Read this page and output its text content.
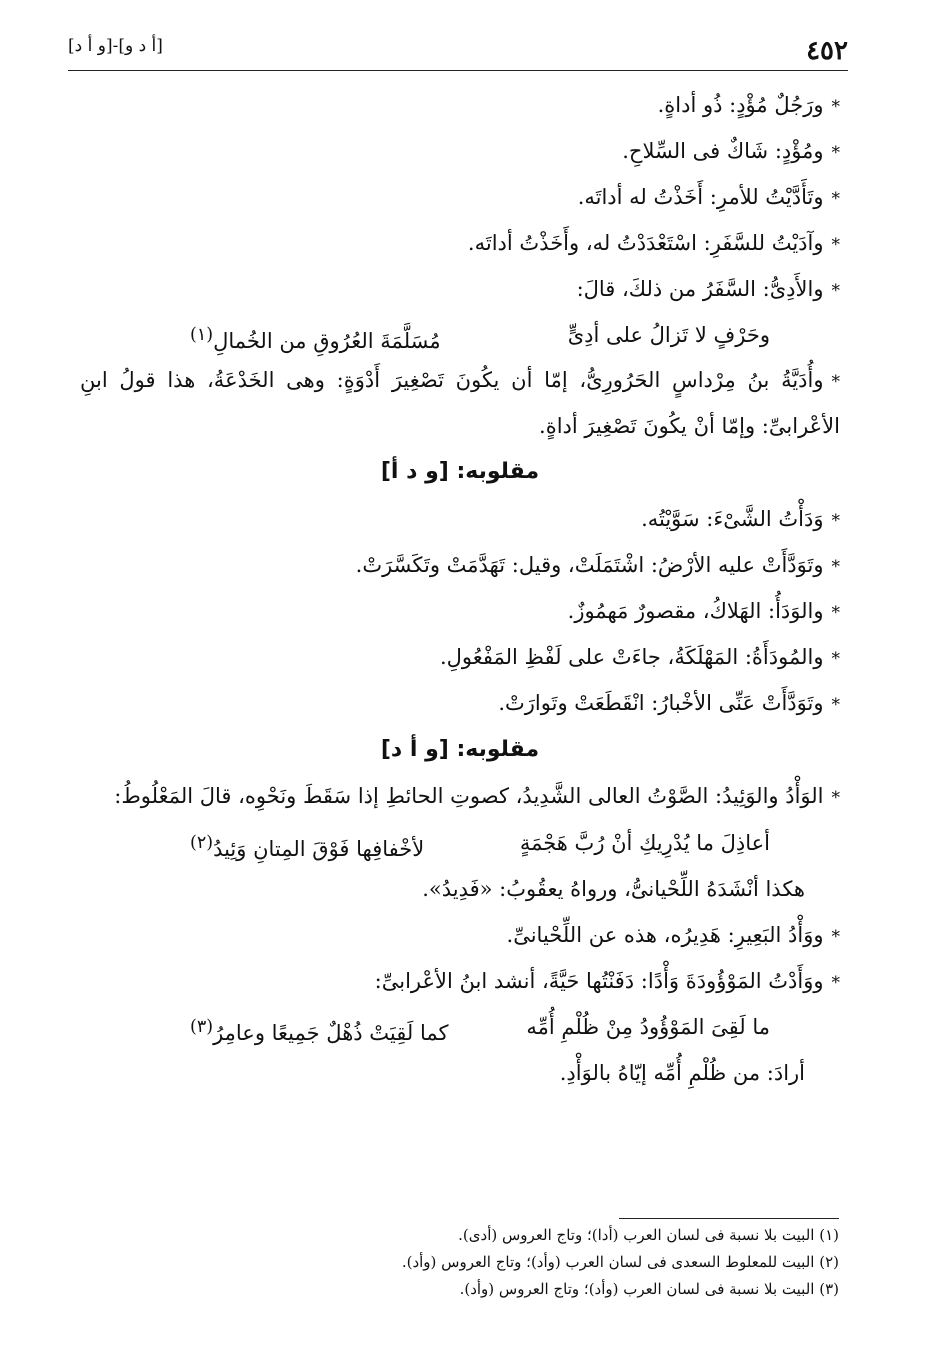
٤٥٢
[أ د و]-[و أ د]
*ورَجُلٌ مُؤْدٍ: ذُو أداةٍ.
*ومُؤْدٍ: شَاكٌ فى السِّلاحِ.
*وتَأَدَّيْتُ للأمرِ: أَخَذْتُ له أداتَه.
*وآدَيْتُ للسَّفَرِ: اسْتَعْدَدْتُ له، وأَخَذْتُ أداتَه.
*والأَدِىُّ: السَّفَرُ من ذلكَ، قالَ:
وحَرْفٍ لا تَزالُ على أدِىٍّ
مُسَلَّمَةَ العُرُوقِ من الخُمالِ$^{(١)}$
*وأُدَيَّةُ بنُ مِرْداسٍ الحَرُورِىُّ، إمّا أن يكُونَ تَصْغِيرَ أَدْوَةٍ: وهى الخَدْعَةُ، هذا قولُ ابنِ الأعْرابىِّ: وإمّا أنْ يكُونَ تَصْغِيرَ أداةٍ.
مقلوبه: [و د أ]
*وَدَأْتُ الشَّىْءَ: سَوَّيْتُه.
*وتَوَدَّأَتْ عليه الأرْضُ: اشْتَمَلَتْ، وقيل: تَهَدَّمَتْ وتَكَسَّرَتْ.
*والوَدَأُ: الهَلاكُ، مقصورٌ مَهمُوزٌ.
*والمُودَأَةُ: المَهْلَكَةُ، جاءَتْ على لَفْظِ المَفْعُولِ.
*وتَوَدَّأَتْ عَنِّى الأخْبارُ: انْقَطَعَتْ وتَوارَتْ.
مقلوبه: [و أ د]
*الوَأْدُ والوَئِيدُ: الصَّوْتُ العالى الشَّدِيدُ، كصوتِ الحائطِ إذا سَقَطَ ونَحْوِه، قالَ المَعْلُوطُ:
أعاذِلَ ما يُدْرِيكِ أنْ رُبَّ هَجْمَةٍ
لأخْفافِها فَوْقَ المِتانِ وَئِيدُ$^{(٢)}$
هكذا أنْشَدَهُ اللِّحْيانىُّ، ورواهُ يعقُوبُ: «فَدِيدُ».
*ووَأْدُ البَعِيرِ: هَدِيرُه، هذه عن اللِّحْيانىِّ.
*ووَأَدْتُ المَوْؤُودَةَ وَأْدًا: دَفَنْتُها حَيَّةً، أنشد ابنُ الأعْرابىِّ:
ما لَقِىَ المَوْؤُودُ مِنْ ظُلْمِ أُمِّه
كما لَقِيَتْ ذُهْلٌ جَمِيعًا وعامِرُ$^{(٣)}$
أرادَ: من ظُلْمِ أُمِّه إيّاهُ بالوَأْدِ.
(١) البيت بلا نسبة فى لسان العرب (أدا)؛ وتاج العروس (أدى).
(٢) البيت للمعلوط السعدى فى لسان العرب (وأد)؛ وتاج العروس (وأد).
(٣) البيت بلا نسبة فى لسان العرب (وأد)؛ وتاج العروس (وأد).
